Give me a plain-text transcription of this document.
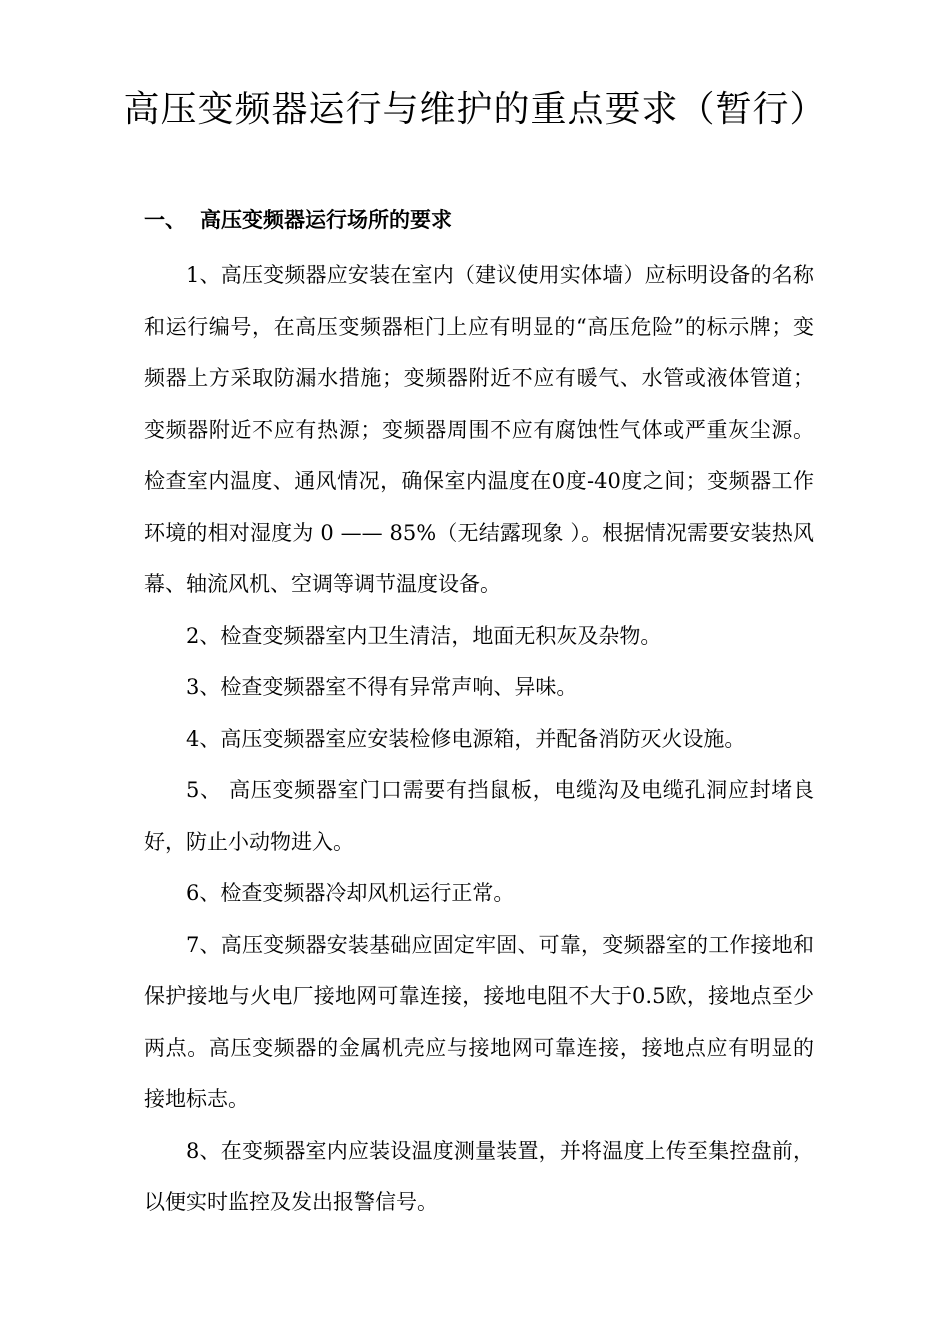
高压变频器运行与维护的重点要求（暂行）
一、 高压变频器运行场所的要求

1、高压变频器应安装在室内（建议使用实体墙）应标明设备的名称和运行编号，在高压变频器柜门上应有明显的“高压危险”的标示牌；变频器上方采取防漏水措施；变频器附近不应有暖气、水管或液体管道；变频器附近不应有热源；变频器周围不应有腐蚀性气体或严重灰尘源。检查室内温度、通风情况，确保室内温度在0度-40度之间；变频器工作环境的相对湿度为 0 —— 85%（无结露现象 ）。根据情况需要安装热风幕、轴流风机、空调等调节温度设备。

2、检查变频器室内卫生清洁，地面无积灰及杂物。

3、检查变频器室不得有异常声响、异味。

4、高压变频器室应安装检修电源箱，并配备消防灭火设施。

5、 高压变频器室门口需要有挡鼠板，电缆沟及电缆孔洞应封堵良好，防止小动物进入。

6、检查变频器冷却风机运行正常。

7、高压变频器安装基础应固定牢固、可靠，变频器室的工作接地和保护接地与火电厂接地网可靠连接，接地电阻不大于0.5欧，接地点至少两点。高压变频器的金属机壳应与接地网可靠连接，接地点应有明显的接地标志。

8、在变频器室内应装设温度测量装置，并将温度上传至集控盘前，以便实时监控及发出报警信号。
